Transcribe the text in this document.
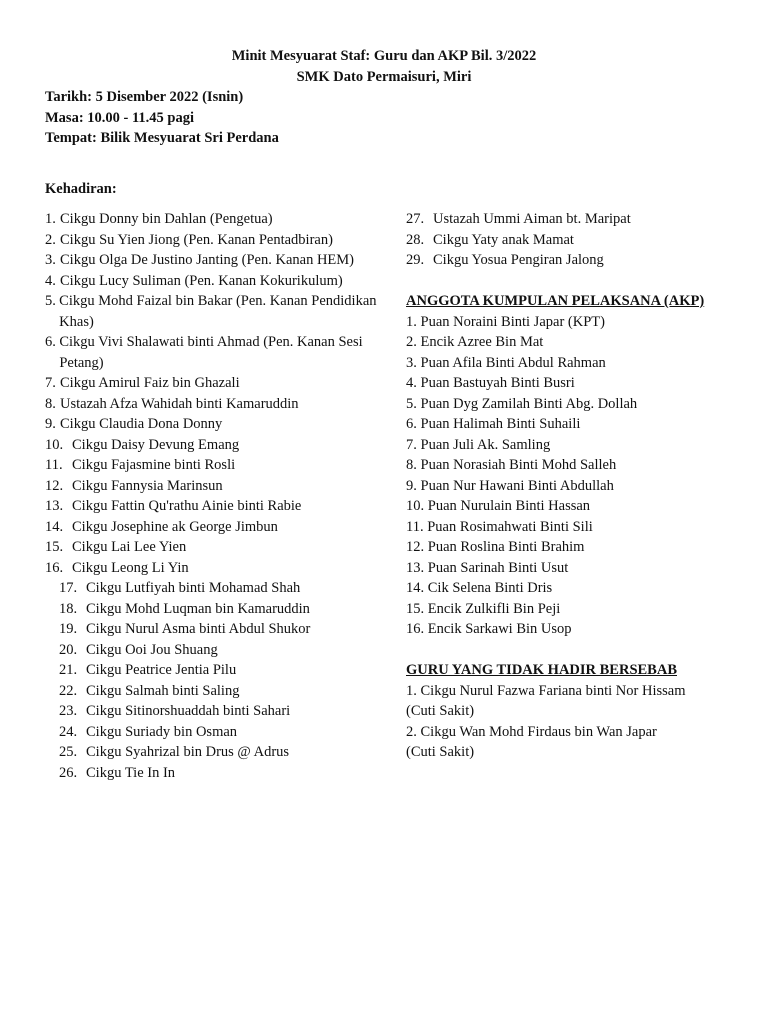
Minit Mesyuarat Staf: Guru dan AKP Bil. 3/2022
SMK Dato Permaisuri, Miri
Tarikh: 5 Disember 2022 (Isnin)
Masa: 10.00 - 11.45 pagi
Tempat: Bilik Mesyuarat Sri Perdana
Kehadiran:
1. Cikgu Donny bin Dahlan (Pengetua)
2. Cikgu Su Yien Jiong (Pen. Kanan Pentadbiran)
3. Cikgu Olga De Justino Janting (Pen. Kanan HEM)
4. Cikgu Lucy Suliman (Pen. Kanan Kokurikulum)
5. Cikgu Mohd Faizal bin Bakar (Pen. Kanan Pendidikan Khas)
6. Cikgu Vivi Shalawati binti Ahmad (Pen. Kanan Sesi Petang)
7. Cikgu Amirul Faiz bin Ghazali
8. Ustazah Afza Wahidah binti Kamaruddin
9. Cikgu Claudia Dona Donny
10. Cikgu Daisy Devung Emang
11. Cikgu Fajasmine binti Rosli
12. Cikgu Fannysia Marinsun
13. Cikgu Fattin Qu'rathu Ainie binti Rabie
14. Cikgu Josephine ak George Jimbun
15. Cikgu Lai Lee Yien
16. Cikgu Leong Li Yin
17. Cikgu Lutfiyah binti Mohamad Shah
18. Cikgu Mohd Luqman bin Kamaruddin
19. Cikgu Nurul Asma binti Abdul Shukor
20. Cikgu Ooi Jou Shuang
21. Cikgu Peatrice Jentia Pilu
22. Cikgu Salmah binti Saling
23. Cikgu Sitinorshuaddah binti Sahari
24. Cikgu Suriady bin Osman
25. Cikgu Syahrizal bin Drus @ Adrus
26. Cikgu Tie In In
27. Ustazah Ummi Aiman bt. Maripat
28. Cikgu Yaty anak Mamat
29. Cikgu Yosua Pengiran Jalong
ANGGOTA KUMPULAN PELAKSANA (AKP)
1. Puan Noraini Binti Japar (KPT)
2. Encik Azree Bin Mat
3. Puan Afila Binti Abdul Rahman
4. Puan Bastuyah Binti Busri
5. Puan Dyg Zamilah Binti Abg. Dollah
6. Puan Halimah Binti Suhaili
7. Puan Juli Ak. Samling
8. Puan Norasiah Binti Mohd Salleh
9. Puan Nur Hawani Binti Abdullah
10. Puan Nurulain Binti Hassan
11. Puan Rosimahwati Binti Sili
12. Puan Roslina Binti Brahim
13. Puan Sarinah Binti Usut
14. Cik Selena Binti Dris
15. Encik Zulkifli Bin Peji
16. Encik Sarkawi Bin Usop
GURU YANG TIDAK HADIR BERSEBAB
1. Cikgu Nurul Fazwa Fariana binti Nor Hissam
(Cuti Sakit)
2. Cikgu Wan Mohd Firdaus bin Wan Japar
(Cuti Sakit)
